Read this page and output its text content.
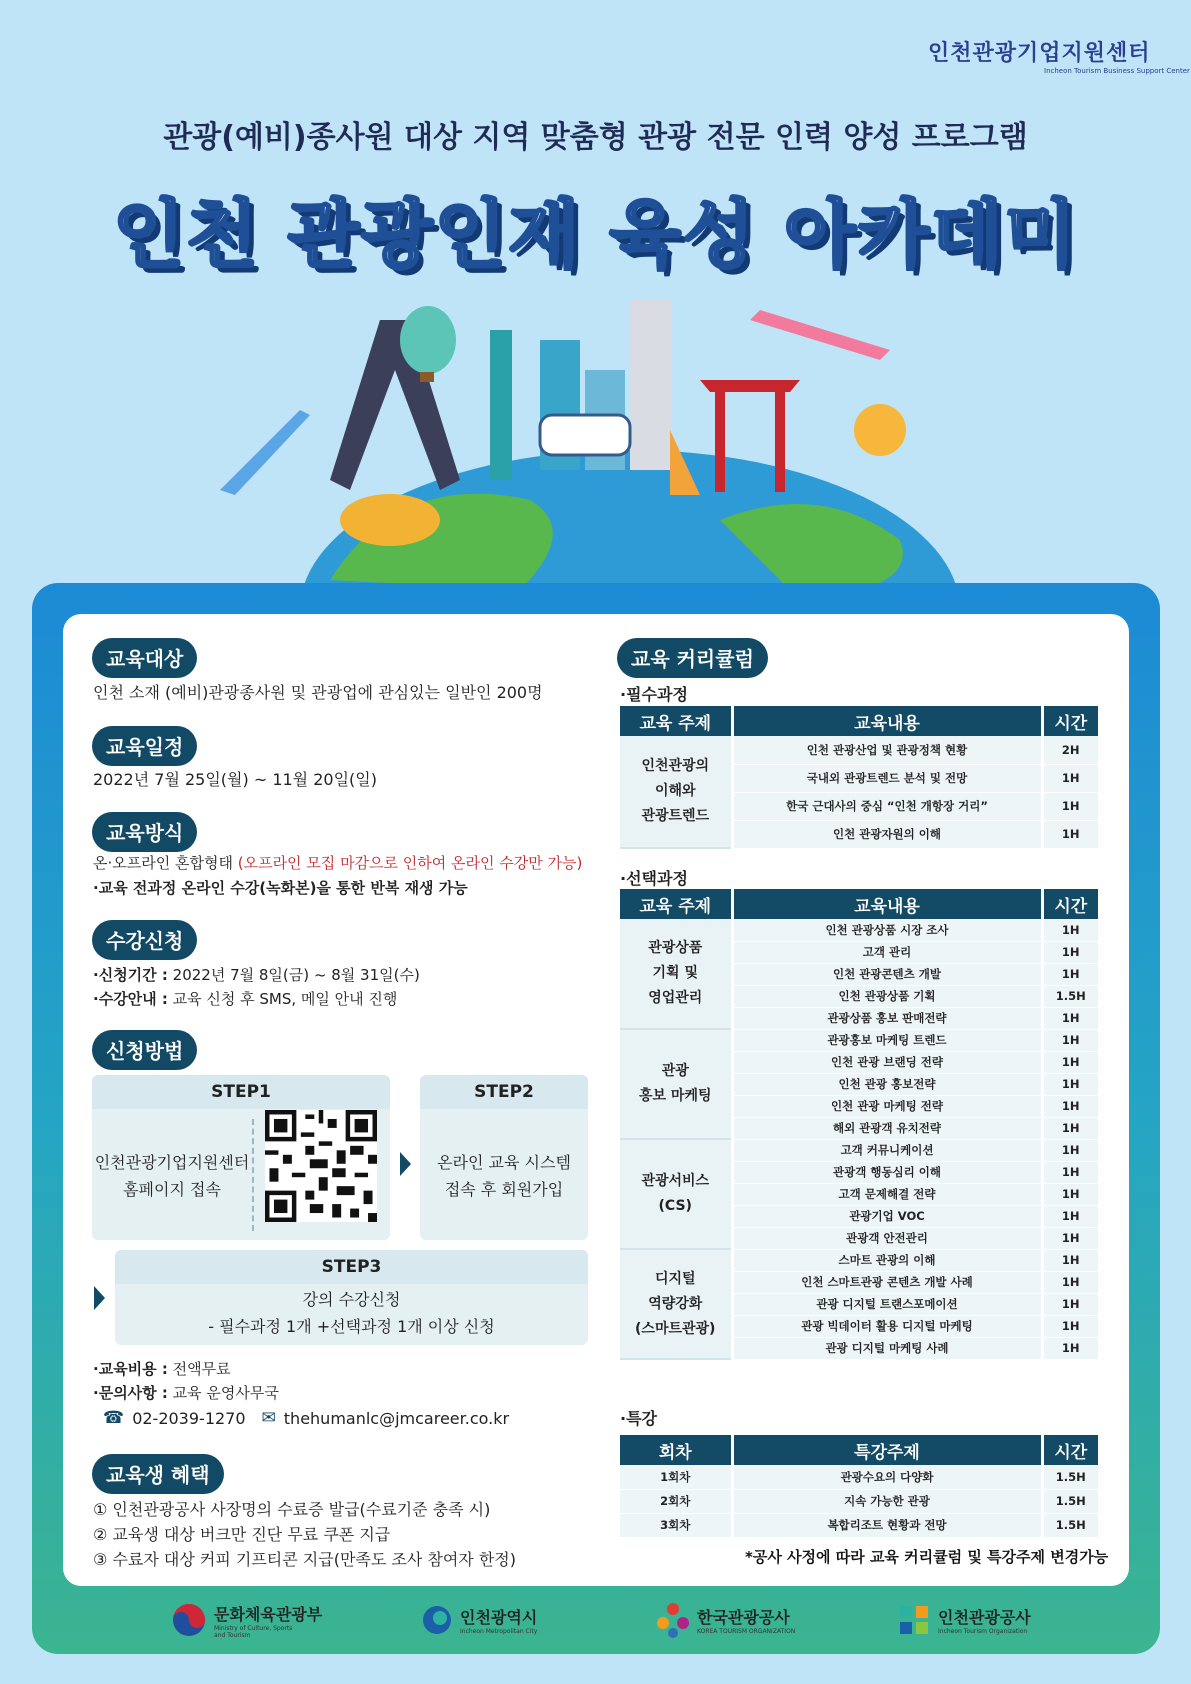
인천관광기업지원센터
Incheon Tourism Business Support Center
관광(예비)종사원 대상 지역 맞춤형 관광 전문 인력 양성 프로그램
인천 관광인재 육성 아카데미
교육대상
인천 소재 (예비)관광종사원 및 관광업에 관심있는 일반인 200명
교육일정
2022년 7월 25일(월) ~ 11월 20일(일)
교육방식
온·오프라인 혼합형태 (오프라인 모집 마감으로 인하여 온라인 수강만 가능)
·교육 전과정 온라인 수강(녹화본)을 통한 반복 재생 가능
수강신청
·신청기간 : 2022년 7월 8일(금) ~ 8월 31일(수)
·수강안내 : 교육 신청 후 SMS, 메일 안내 진행
신청방법
STEP1
인천관광기업지원센터
홈페이지 접속
STEP2
온라인 교육 시스템
접속 후 회원가입
STEP3
강의 수강신청
- 필수과정 1개 +선택과정 1개 이상 신청
·교육비용 : 전액무료
·문의사항 : 교육 운영사무국
☎ 02-2039-1270 ✉ thehumanlc@jmcareer.co.kr
교육생 혜택
① 인천관광공사 사장명의 수료증 발급(수료기준 충족 시)
② 교육생 대상 버크만 진단 무료 쿠폰 지급
③ 수료자 대상 커피 기프티콘 지급(만족도 조사 참여자 한정)
교육 커리큘럼
·필수과정
교육 주제	교육내용	시간
인천관광의
이해와
관광트렌드	인천 관광산업 및 관광정책 현황	2H
	국내외 관광트렌드 분석 및 전망	1H
	한국 근대사의 중심 “인천 개항장 거리”	1H
	인천 관광자원의 이해	1H
·선택과정
교육 주제	교육내용	시간
관광상품
기획 및
영업관리	인천 관광상품 시장 조사	1H
	고객 관리	1H
	인천 관광콘텐츠 개발	1H
	인천 관광상품 기획	1.5H
	관광상품 홍보 판매전략	1H
관광
홍보 마케팅	관광홍보 마케팅 트렌드	1H
	인천 관광 브랜딩 전략	1H
	인천 관광 홍보전략	1H
	인천 관광 마케팅 전략	1H
	해외 관광객 유치전략	1H
관광서비스
(CS)	고객 커뮤니케이션	1H
	관광객 행동심리 이해	1H
	고객 문제해결 전략	1H
	관광기업 VOC	1H
	관광객 안전관리	1H
디지털
역량강화
(스마트관광)	스마트 관광의 이해	1H
	인천 스마트관광 콘텐츠 개발 사례	1H
	관광 디지털 트랜스포메이션	1H
	관광 빅데이터 활용 디지털 마케팅	1H
	관광 디지털 마케팅 사례	1H
·특강
회차	특강주제	시간
1회차	관광수요의 다양화	1.5H
2회차	지속 가능한 관광	1.5H
3회차	복합리조트 현황과 전망	1.5H
*공사 사정에 따라 교육 커리큘럼 및 특강주제 변경가능
문화체육관광부
Ministry of Culture, Sports and Tourism
인천광역시
Incheon Metropolitan City
한국관광공사
KOREA TOURISM ORGANIZATION
인천관광공사
Incheon Tourism Organization
